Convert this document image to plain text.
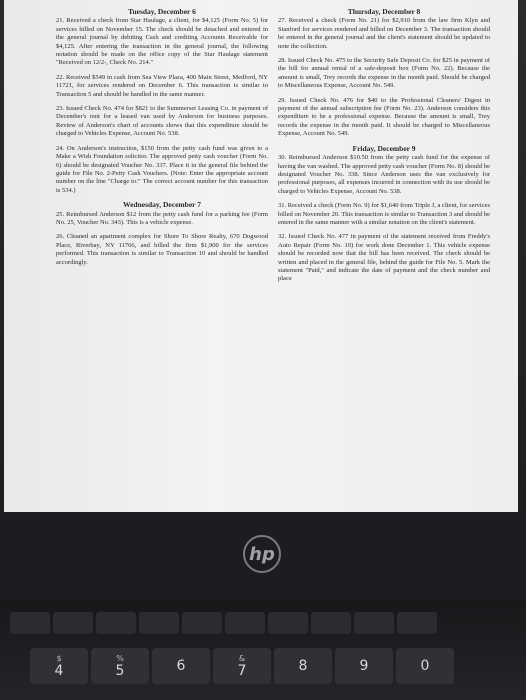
Tuesday, December 6
21. Received a check from Star Haulage, a client, for $4,125 (Form No. 5) for services billed on November 15. The check should be detached and entered in the general journal by debiting Cash and crediting Accounts Receivable for $4,125. After entering the transaction in the general journal, the following notation should be made on the office copy of the Star Haulage statement "Received on 12/2-, Check No. 214."
22. Received $549 in cash from Sea View Plaza, 400 Main Street, Medford, NY 11721, for services rendered on December 6. This transaction is similar to Transaction 5 and should be handled in the same manner.
23. Issued Check No. 474 for $821 to the Summerset Leasing Co. in payment of December's rent for a leased van used by Anderson for business purposes. Review of Anderson's chart of accounts shows that this expenditure should be charged to Vehicles Expense, Account No. 538.
24. On Anderson's instruction, $150 from the petty cash fund was given to a Make a Wish Foundation solicitor. The approved petty cash voucher (Form No. 6) should be designated Voucher No. 337. Place it in the general file behind the guide for File No. 2-Petty Cash Vouchers. (Note: Enter the appropriate account number on the line "Charge to:" The correct account number for this transaction is 534.)
Wednesday, December 7
25. Reimbursed Anderson $12 from the petty cash fund for a parking fee (Form No. 25, Voucher No. 343). This is a vehicle expense.
26. Cleaned an apartment complex for Shore To Shore Realty, 670 Dogwood Place, Riverbay, NY 11766, and billed the firm $1,900 for the services performed. This transaction is similar to Transaction 10 and should be handled accordingly.
Thursday, December 8
27. Received a check (Form No. 21) for $2,910 from the law firm Klyn and Stanford for services rendered and billed on December 3. The transaction should be entered in the general journal and the client's statement should be updated to note the collection.
28. Issued Check No. 475 to the Security Safe Deposit Co. for $25 in payment of the bill for annual rental of a safe-deposit box (Form No. 22). Because the amount is small, Trey records the expense in the month paid. Should be charged to Miscellaneous Expense, Account No. 549.
29. Issued Check No. 476 for $40 to the Professional Cleaners' Digest in payment of the annual subscription fee (Form No. 23). Anderson considers this expenditure to be a professional expense. Because the amount is small, Trey records the expense in the month paid. It should be charged to Miscellaneous Expense, Account No. 549.
Friday, December 9
30. Reimbursed Anderson $10.50 from the petty cash fund for the expense of having the van washed. The approved petty cash voucher (Form No. 8) should be designated Voucher No. 338. Since Anderson uses the van exclusively for professional purposes, all expenses incurred in connection with its use should be charged to Vehicles Expense, Account No. 538.
31. Received a check (Form No. 9) for $1,640 from Triple J, a client, for services billed on November 20. This transaction is similar to Transaction 3 and should be entered in the same manner with a similar notation on the client's statement.
32. Issued Check No. 477 in payment of the statement received from Freddy's Auto Repair (Form No. 10) for work done December 1. This vehicle expense should be recorded now that the bill has been received. The check should be written and placed in the general file, behind the guide for File No. 5. Mark the statement "Paid," and indicate the date of payment and the check number and place
hp
$
4
%
5	6	&
7	8	9	0
